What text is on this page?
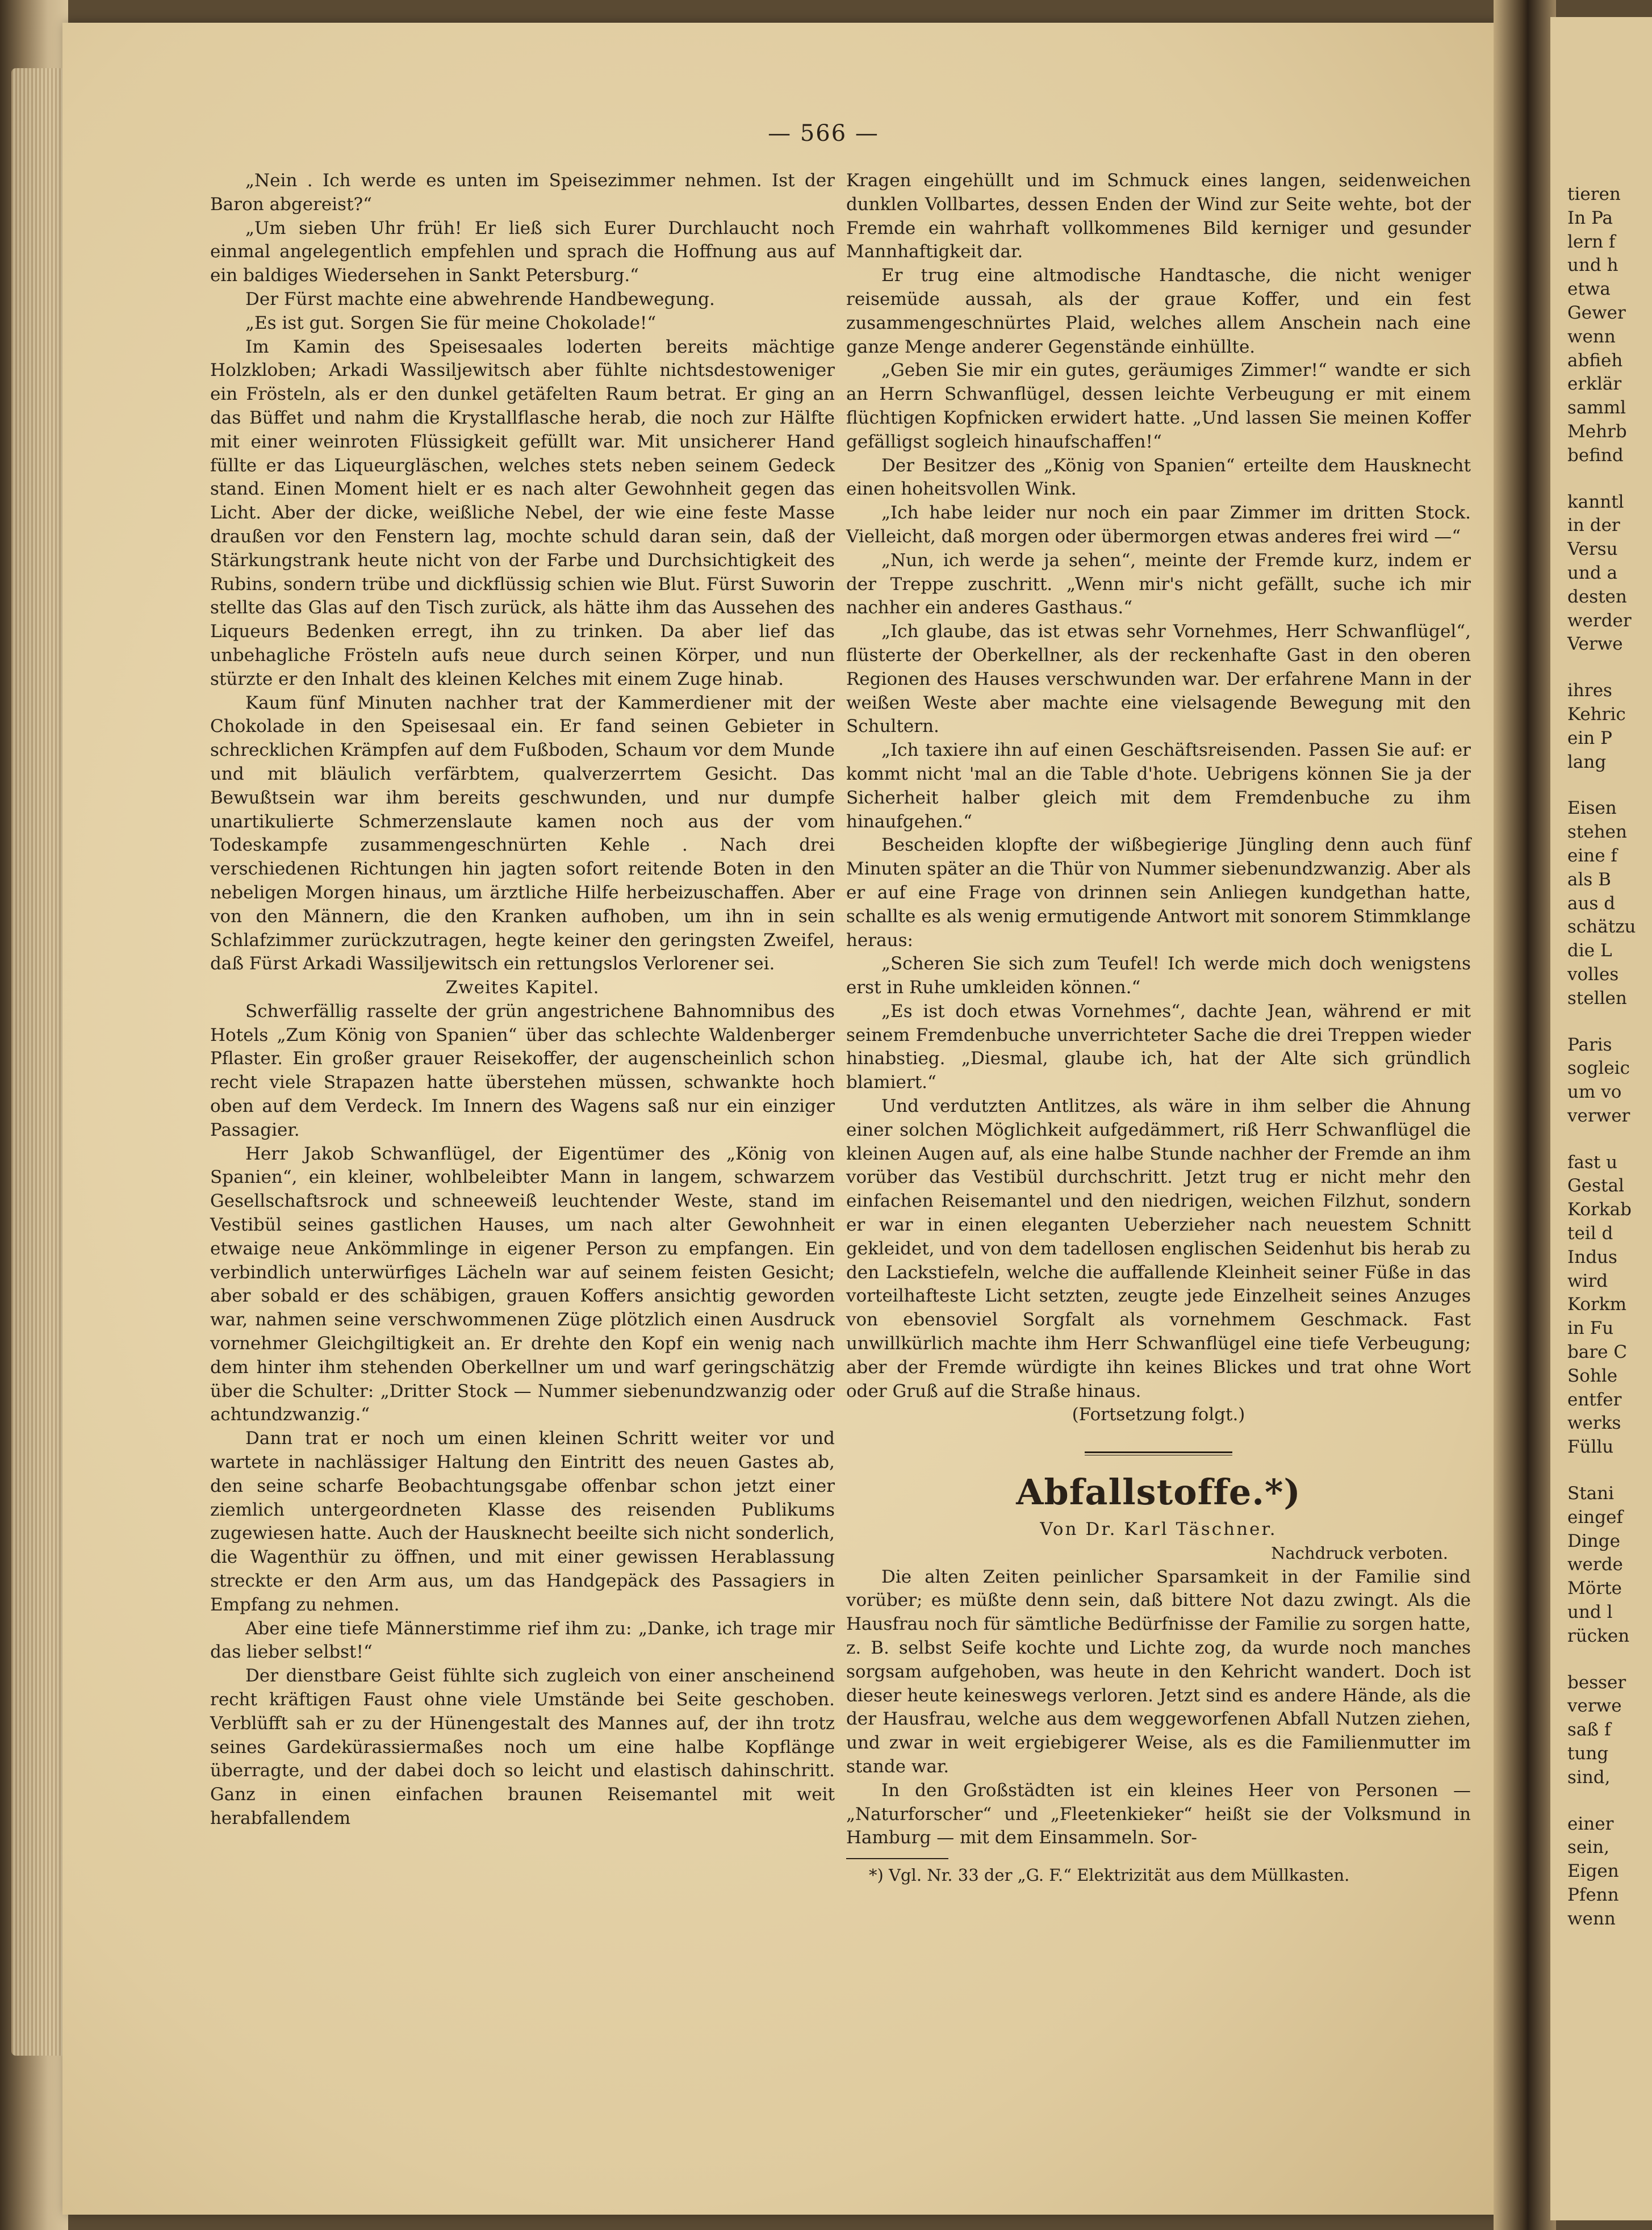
— 566 —

„Nein . Ich werde es unten im Speisezimmer nehmen. Ist der Baron abgereist?“

„Um sieben Uhr früh! Er ließ sich Eurer Durchlaucht noch einmal angelegentlich empfehlen und sprach die Hoffnung aus auf ein baldiges Wiedersehen in Sankt Petersburg.“

Der Fürst machte eine abwehrende Handbewegung.

„Es ist gut. Sorgen Sie für meine Chokolade!“

Im Kamin des Speisesaales loderten bereits mächtige Holzkloben; Arkadi Wassiljewitsch aber fühlte nichtsdestoweniger ein Frösteln, als er den dunkel getäfelten Raum betrat. Er ging an das Büffet und nahm die Krystallflasche herab, die noch zur Hälfte mit einer weinroten Flüssigkeit gefüllt war. Mit unsicherer Hand füllte er das Liqueurgläschen, welches stets neben seinem Gedeck stand. Einen Moment hielt er es nach alter Gewohnheit gegen das Licht. Aber der dicke, weißliche Nebel, der wie eine feste Masse draußen vor den Fenstern lag, mochte schuld daran sein, daß der Stärkungstrank heute nicht von der Farbe und Durchsichtigkeit des Rubins, sondern trübe und dickflüssig schien wie Blut. Fürst Suworin stellte das Glas auf den Tisch zurück, als hätte ihm das Aussehen des Liqueurs Bedenken erregt, ihn zu trinken. Da aber lief das unbehagliche Frösteln aufs neue durch seinen Körper, und nun stürzte er den Inhalt des kleinen Kelches mit einem Zuge hinab.

Kaum fünf Minuten nachher trat der Kammerdiener mit der Chokolade in den Speisesaal ein. Er fand seinen Gebieter in schrecklichen Krämpfen auf dem Fußboden, Schaum vor dem Munde und mit bläulich verfärbtem, qualverzerrtem Gesicht. Das Bewußtsein war ihm bereits geschwunden, und nur dumpfe unartikulierte Schmerzenslaute kamen noch aus der vom Todeskampfe zusammengeschnürten Kehle . Nach drei verschiedenen Richtungen hin jagten sofort reitende Boten in den nebeligen Morgen hinaus, um ärztliche Hilfe herbeizuschaffen. Aber von den Männern, die den Kranken aufhoben, um ihn in sein Schlafzimmer zurückzutragen, hegte keiner den geringsten Zweifel, daß Fürst Arkadi Wassiljewitsch ein rettungslos Verlorener sei.

Zweites Kapitel.

Schwerfällig rasselte der grün angestrichene Bahnomnibus des Hotels „Zum König von Spanien“ über das schlechte Waldenberger Pflaster. Ein großer grauer Reisekoffer, der augenscheinlich schon recht viele Strapazen hatte überstehen müssen, schwankte hoch oben auf dem Verdeck. Im Innern des Wagens saß nur ein einziger Passagier.

Herr Jakob Schwanflügel, der Eigentümer des „König von Spanien“, ein kleiner, wohlbeleibter Mann in langem, schwarzem Gesellschaftsrock und schneeweiß leuchtender Weste, stand im Vestibül seines gastlichen Hauses, um nach alter Gewohnheit etwaige neue Ankömmlinge in eigener Person zu empfangen. Ein verbindlich unterwürfiges Lächeln war auf seinem feisten Gesicht; aber sobald er des schäbigen, grauen Koffers ansichtig geworden war, nahmen seine verschwommenen Züge plötzlich einen Ausdruck vornehmer Gleichgiltigkeit an. Er drehte den Kopf ein wenig nach dem hinter ihm stehenden Oberkellner um und warf geringschätzig über die Schulter: „Dritter Stock — Nummer siebenundzwanzig oder achtundzwanzig.“

Dann trat er noch um einen kleinen Schritt weiter vor und wartete in nachlässiger Haltung den Eintritt des neuen Gastes ab, den seine scharfe Beobachtungsgabe offenbar schon jetzt einer ziemlich untergeordneten Klasse des reisenden Publikums zugewiesen hatte. Auch der Hausknecht beeilte sich nicht sonderlich, die Wagenthür zu öffnen, und mit einer gewissen Herablassung streckte er den Arm aus, um das Handgepäck des Passagiers in Empfang zu nehmen.

Aber eine tiefe Männerstimme rief ihm zu: „Danke, ich trage mir das lieber selbst!“

Der dienstbare Geist fühlte sich zugleich von einer anscheinend recht kräftigen Faust ohne viele Umstände bei Seite geschoben. Verblüfft sah er zu der Hünengestalt des Mannes auf, der ihn trotz seines Gardekürassiermaßes noch um eine halbe Kopflänge überragte, und der dabei doch so leicht und elastisch dahinschritt. Ganz in einen einfachen braunen Reisemantel mit weit herabfallendem

Kragen eingehüllt und im Schmuck eines langen, seidenweichen dunklen Vollbartes, dessen Enden der Wind zur Seite wehte, bot der Fremde ein wahrhaft vollkommenes Bild kerniger und gesunder Mannhaftigkeit dar.

Er trug eine altmodische Handtasche, die nicht weniger reisemüde aussah, als der graue Koffer, und ein fest zusammengeschnürtes Plaid, welches allem Anschein nach eine ganze Menge anderer Gegenstände einhüllte.

„Geben Sie mir ein gutes, geräumiges Zimmer!“ wandte er sich an Herrn Schwanflügel, dessen leichte Verbeugung er mit einem flüchtigen Kopfnicken erwidert hatte. „Und lassen Sie meinen Koffer gefälligst sogleich hinaufschaffen!“

Der Besitzer des „König von Spanien“ erteilte dem Hausknecht einen hoheitsvollen Wink.

„Ich habe leider nur noch ein paar Zimmer im dritten Stock. Vielleicht, daß morgen oder übermorgen etwas anderes frei wird —“

„Nun, ich werde ja sehen“, meinte der Fremde kurz, indem er der Treppe zuschritt. „Wenn mir's nicht gefällt, suche ich mir nachher ein anderes Gasthaus.“

„Ich glaube, das ist etwas sehr Vornehmes, Herr Schwanflügel“, flüsterte der Oberkellner, als der reckenhafte Gast in den oberen Regionen des Hauses verschwunden war. Der erfahrene Mann in der weißen Weste aber machte eine vielsagende Bewegung mit den Schultern.

„Ich taxiere ihn auf einen Geschäftsreisenden. Passen Sie auf: er kommt nicht 'mal an die Table d'hote. Uebrigens können Sie ja der Sicherheit halber gleich mit dem Fremdenbuche zu ihm hinaufgehen.“

Bescheiden klopfte der wißbegierige Jüngling denn auch fünf Minuten später an die Thür von Nummer siebenundzwanzig. Aber als er auf eine Frage von drinnen sein Anliegen kundgethan hatte, schallte es als wenig ermutigende Antwort mit sonorem Stimmklange heraus:

„Scheren Sie sich zum Teufel! Ich werde mich doch wenigstens erst in Ruhe umkleiden können.“

„Es ist doch etwas Vornehmes“, dachte Jean, während er mit seinem Fremdenbuche unverrichteter Sache die drei Treppen wieder hinabstieg. „Diesmal, glaube ich, hat der Alte sich gründlich blamiert.“

Und verdutzten Antlitzes, als wäre in ihm selber die Ahnung einer solchen Möglichkeit aufgedämmert, riß Herr Schwanflügel die kleinen Augen auf, als eine halbe Stunde nachher der Fremde an ihm vorüber das Vestibül durchschritt. Jetzt trug er nicht mehr den einfachen Reisemantel und den niedrigen, weichen Filzhut, sondern er war in einen eleganten Ueberzieher nach neuestem Schnitt gekleidet, und von dem tadellosen englischen Seidenhut bis herab zu den Lackstiefeln, welche die auffallende Kleinheit seiner Füße in das vorteilhafteste Licht setzten, zeugte jede Einzelheit seines Anzuges von ebensoviel Sorgfalt als vornehmem Geschmack. Fast unwillkürlich machte ihm Herr Schwanflügel eine tiefe Verbeugung; aber der Fremde würdigte ihn keines Blickes und trat ohne Wort oder Gruß auf die Straße hinaus.

(Fortsetzung folgt.)

Abfallstoffe.*)

Von Dr. Karl Täschner.

Nachdruck verboten.

Die alten Zeiten peinlicher Sparsamkeit in der Familie sind vorüber; es müßte denn sein, daß bittere Not dazu zwingt. Als die Hausfrau noch für sämtliche Bedürfnisse der Familie zu sorgen hatte, z. B. selbst Seife kochte und Lichte zog, da wurde noch manches sorgsam aufgehoben, was heute in den Kehricht wandert. Doch ist dieser heute keineswegs verloren. Jetzt sind es andere Hände, als die der Hausfrau, welche aus dem weggeworfenen Abfall Nutzen ziehen, und zwar in weit ergiebigerer Weise, als es die Familienmutter im stande war.

In den Großstädten ist ein kleines Heer von Personen — „Naturforscher“ und „Fleetenkieker“ heißt sie der Volksmund in Hamburg — mit dem Einsammeln. Sor-

*) Vgl. Nr. 33 der „G. F.“ Elektrizität aus dem Müllkasten.

tieren
In Pa
lern f
und h
etwa
Gewer
wenn
abfieh
erklär
samml
Mehrb
befind
kanntl
in der
Versu
und a
desten
werder
Verwe
ihres
Kehric
ein P
lang
Eisen
stehen
eine f
als B
aus d
schätzu
die L
volles
stellen
Paris
sogleic
um vo
verwer
fast u
Gestal
Korkab
teil d
Indus
wird
Korkm
in Fu
bare C
Sohle
entfer
werks
Füllu
Stani
eingef
Dinge
werde
Mörte
und l
rücken
besser
verwe
saß f
tung
sind,
einer
sein,
Eigen
Pfenn
wenn
